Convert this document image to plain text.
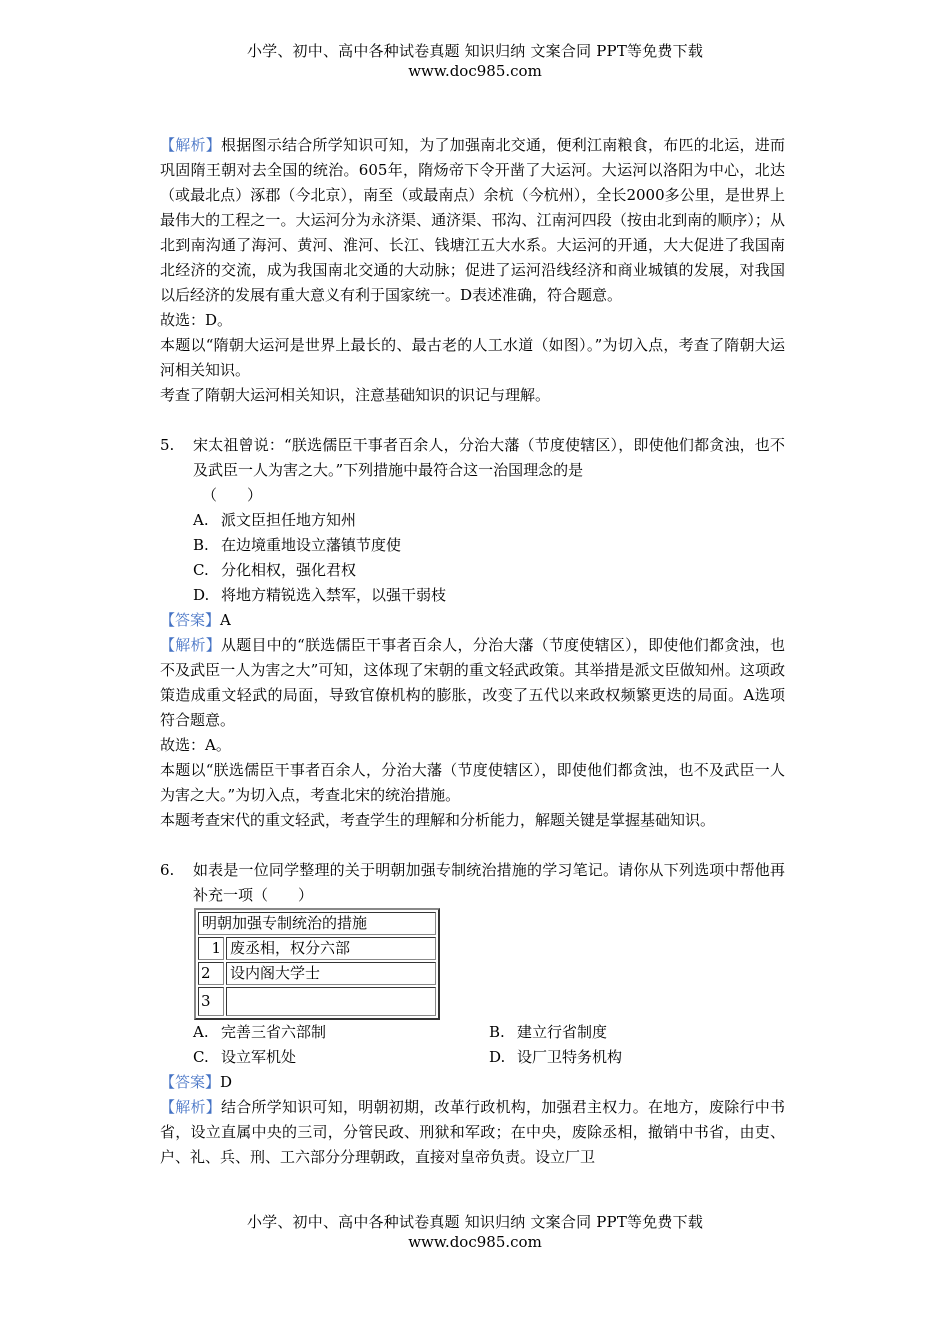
小学、初中、高中各种试卷真题 知识归纳 文案合同 PPT等免费下载
www.doc985.com

【解析】根据图示结合所学知识可知，为了加强南北交通，便利江南粮食，布匹的北运，进而巩固隋王朝对去全国的统治。605年，隋炀帝下令开凿了大运河。大运河以洛阳为中心，北达（或最北点）涿郡（今北京），南至（或最南点）余杭（今杭州），全长2000多公里，是世界上最伟大的工程之一。大运河分为永济渠、通济渠、邗沟、江南河四段（按由北到南的顺序）；从北到南沟通了海河、黄河、淮河、长江、钱塘江五大水系。大运河的开通，大大促进了我国南北经济的交流，成为我国南北交通的大动脉；促进了运河沿线经济和商业城镇的发展，对我国以后经济的发展有重大意义有利于国家统一。D表述准确，符合题意。

故选：D。

本题以“隋朝大运河是世界上最长的、最古老的人工水道（如图）。”为切入点，考查了隋朝大运河相关知识。

考查了隋朝大运河相关知识，注意基础知识的识记与理解。

5. 宋太祖曾说：“朕选儒臣干事者百余人，分治大藩（节度使辖区），即使他们都贪浊，也不及武臣一人为害之大。”下列措施中最符合这一治国理念的是

（　　）

A. 派文臣担任地方知州

B. 在边境重地设立藩镇节度使

C. 分化相权，强化君权

D. 将地方精锐选入禁军，以强干弱枝

【答案】A

【解析】从题目中的“朕选儒臣干事者百余人，分治大藩（节度使辖区），即使他们都贪浊，也不及武臣一人为害之大”可知，这体现了宋朝的重文轻武政策。其举措是派文臣做知州。这项政策造成重文轻武的局面，导致官僚机构的膨胀，改变了五代以来政权频繁更迭的局面。A选项符合题意。

故选：A。

本题以“朕选儒臣干事者百余人，分治大藩（节度使辖区），即使他们都贪浊，也不及武臣一人为害之大。”为切入点，考查北宋的统治措施。

本题考查宋代的重文轻武，考查学生的理解和分析能力，解题关键是掌握基础知识。

6. 如表是一位同学整理的关于明朝加强专制统治措施的学习笔记。请你从下列选项中帮他再补充一项（　　）

明朝加强专制统治的措施	
1	废丞相，权分六部
2	设内阁大学士
3	
A. 完善三省六部制	B. 建立行省制度
C. 设立军机处	D. 设厂卫特务机构

【答案】D

【解析】结合所学知识可知，明朝初期，改革行政机构，加强君主权力。在地方，废除行中书省，设立直属中央的三司，分管民政、刑狱和军政；在中央，废除丞相，撤销中书省，由吏、户、礼、兵、刑、工六部分分理朝政，直接对皇帝负责。设立厂卫

小学、初中、高中各种试卷真题 知识归纳 文案合同 PPT等免费下载
www.doc985.com
